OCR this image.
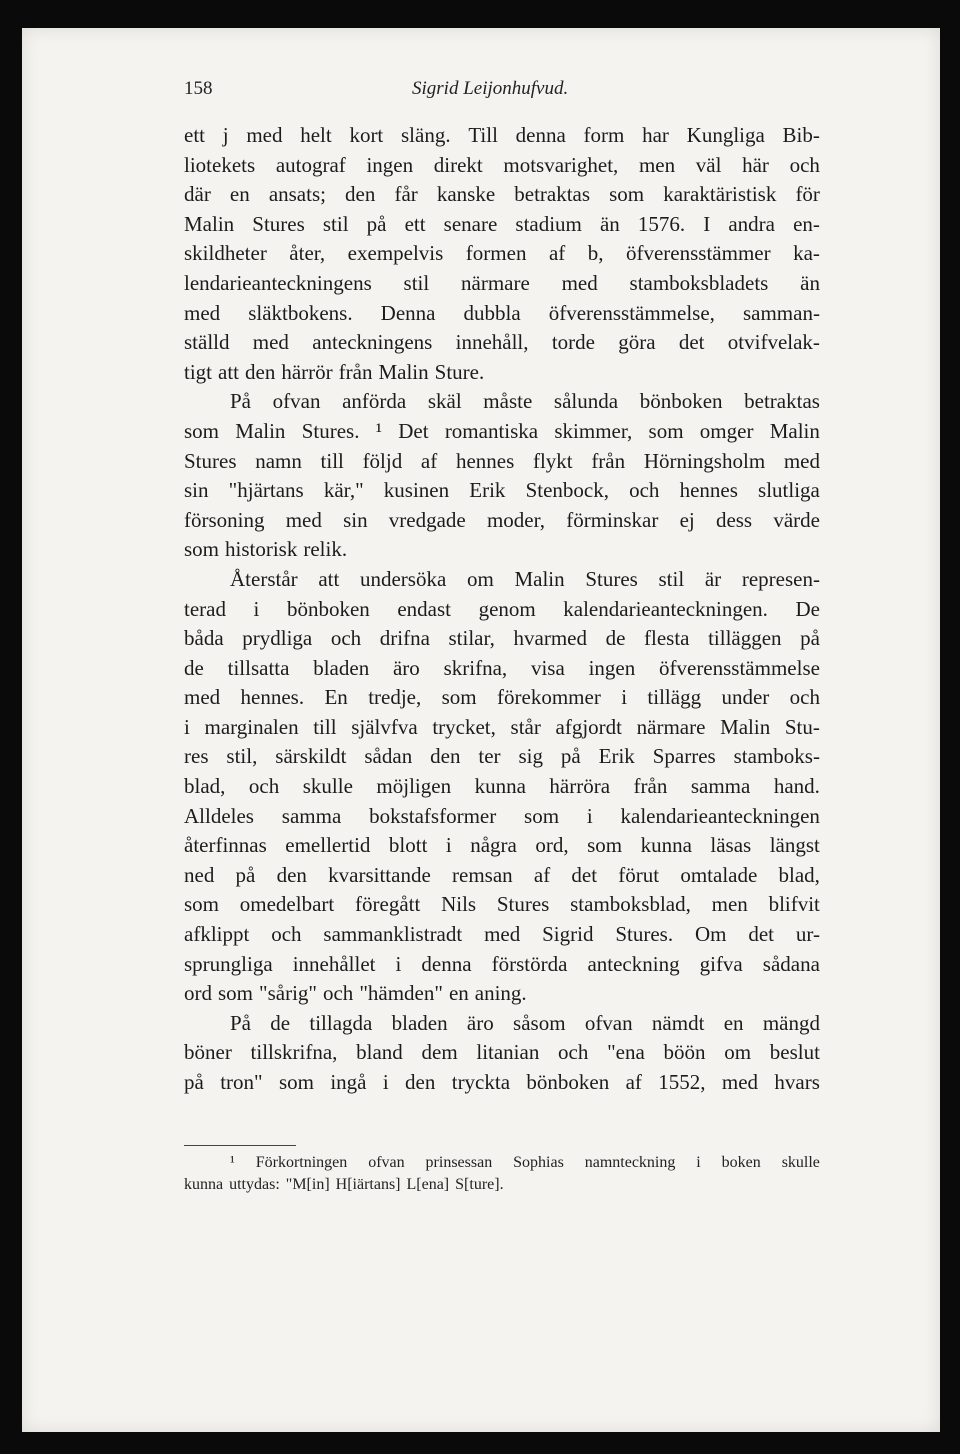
158	Sigrid Leijonhufvud.
ett j med helt kort släng. Till denna form har Kungliga Bib-
liotekets autograf ingen direkt motsvarighet, men väl här och
där en ansats; den får kanske betraktas som karaktäristisk för
Malin Stures stil på ett senare stadium än 1576. I andra en-
skildheter åter, exempelvis formen af b, öfverensstämmer ka-
lendarieanteckningens stil närmare med stamboksbladets än
med släktbokens. Denna dubbla öfverensstämmelse, samman-
ställd med anteckningens innehåll, torde göra det otvifvelak-
tigt att den härrör från Malin Sture.
På ofvan anförda skäl måste sålunda bönboken betraktas
som Malin Stures. ¹ Det romantiska skimmer, som omger Malin
Stures namn till följd af hennes flykt från Hörningsholm med
sin "hjärtans kär," kusinen Erik Stenbock, och hennes slutliga
försoning med sin vredgade moder, förminskar ej dess värde
som historisk relik.
Återstår att undersöka om Malin Stures stil är represen-
terad i bönboken endast genom kalendarieanteckningen. De
båda prydliga och drifna stilar, hvarmed de flesta tilläggen på
de tillsatta bladen äro skrifna, visa ingen öfverensstämmelse
med hennes. En tredje, som förekommer i tillägg under och
i marginalen till självfva trycket, står afgjordt närmare Malin Stu-
res stil, särskildt sådan den ter sig på Erik Sparres stamboks-
blad, och skulle möjligen kunna härröra från samma hand.
Alldeles samma bokstafsformer som i kalendarieanteckningen
återfinnas emellertid blott i några ord, som kunna läsas längst
ned på den kvarsittande remsan af det förut omtalade blad,
som omedelbart föregått Nils Stures stamboksblad, men blifvit
afklippt och sammanklistradt med Sigrid Stures. Om det ur-
sprungliga innehållet i denna förstörda anteckning gifva sådana
ord som "sårig" och "hämden" en aning.
På de tillagda bladen äro såsom ofvan nämdt en mängd
böner tillskrifna, bland dem litanian och "ena böön om beslut
på tron" som ingå i den tryckta bönboken af 1552, med hvars
¹ Förkortningen ofvan prinsessan Sophias namnteckning i boken skulle
kunna uttydas: "M[in] H[iärtans] L[ena] S[ture].
